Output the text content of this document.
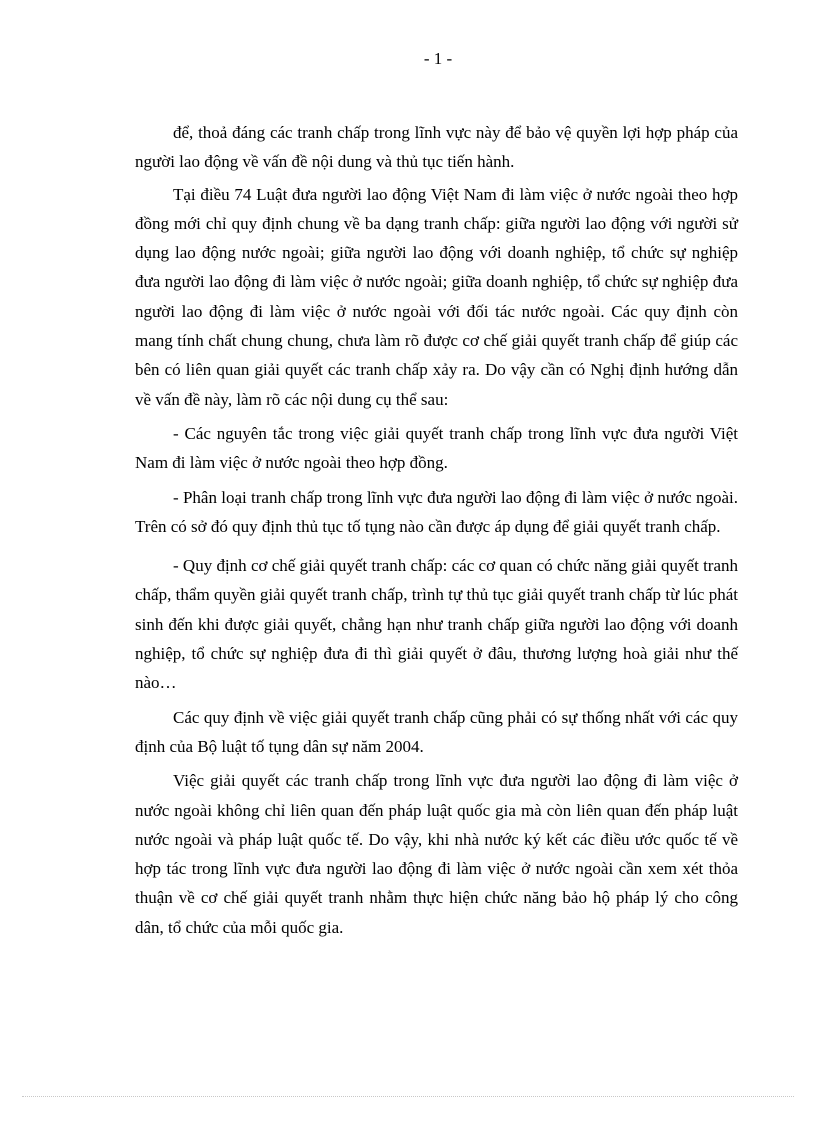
- 1 -

để, thoả đáng các tranh chấp trong lĩnh vực này để bảo vệ quyền lợi hợp pháp của người lao động về vấn đề nội dung và thủ tục tiến hành.

Tại điều 74 Luật đưa người lao động Việt Nam đi làm việc ở nước ngoài theo hợp đồng mới chỉ quy định chung về ba dạng tranh chấp: giữa người lao động với người sử dụng lao động nước ngoài; giữa người lao động với doanh nghiệp, tổ chức sự nghiệp đưa người lao động đi làm việc ở nước ngoài; giữa doanh nghiệp, tổ chức sự nghiệp đưa người lao động đi làm việc ở nước ngoài với đối tác nước ngoài. Các quy định còn mang tính chất chung chung, chưa làm rõ được cơ chế giải quyết tranh chấp để giúp các bên có liên quan giải quyết các tranh chấp xảy ra. Do vậy cần có Nghị định hướng dẫn về vấn đề này, làm rõ các nội dung cụ thể sau:

- Các nguyên tắc trong việc giải quyết tranh chấp trong lĩnh vực đưa người Việt Nam đi làm việc ở nước ngoài theo hợp đồng.

- Phân loại tranh chấp trong lĩnh vực đưa người lao động đi làm việc ở nước ngoài. Trên có sở đó quy định thủ tục tố tụng nào cần được áp dụng để giải quyết tranh chấp.

- Quy định cơ chế giải quyết tranh chấp: các cơ quan có chức năng giải quyết tranh chấp, thẩm quyền giải quyết tranh chấp, trình tự thủ tục giải quyết tranh chấp từ lúc phát sinh đến khi được giải quyết, chẳng hạn như tranh chấp giữa người lao động với doanh nghiệp, tổ chức sự nghiệp đưa đi thì giải quyết ở đâu, thương lượng hoà giải như thế nào…

Các quy định về việc giải quyết tranh chấp cũng phải có sự thống nhất với các quy định của Bộ luật tố tụng dân sự năm 2004.

Việc giải quyết các tranh chấp trong lĩnh vực đưa người lao động đi làm việc ở nước ngoài không chỉ liên quan đến pháp luật quốc gia mà còn liên quan đến pháp luật nước ngoài và pháp luật quốc tế. Do vậy, khi nhà nước ký kết các điều ước quốc tế về hợp tác trong lĩnh vực đưa người lao động đi làm việc ở nước ngoài cần xem xét thỏa thuận về cơ chế giải quyết tranh nhằm thực hiện chức năng bảo hộ pháp lý cho công dân, tổ chức của mỗi quốc gia.
